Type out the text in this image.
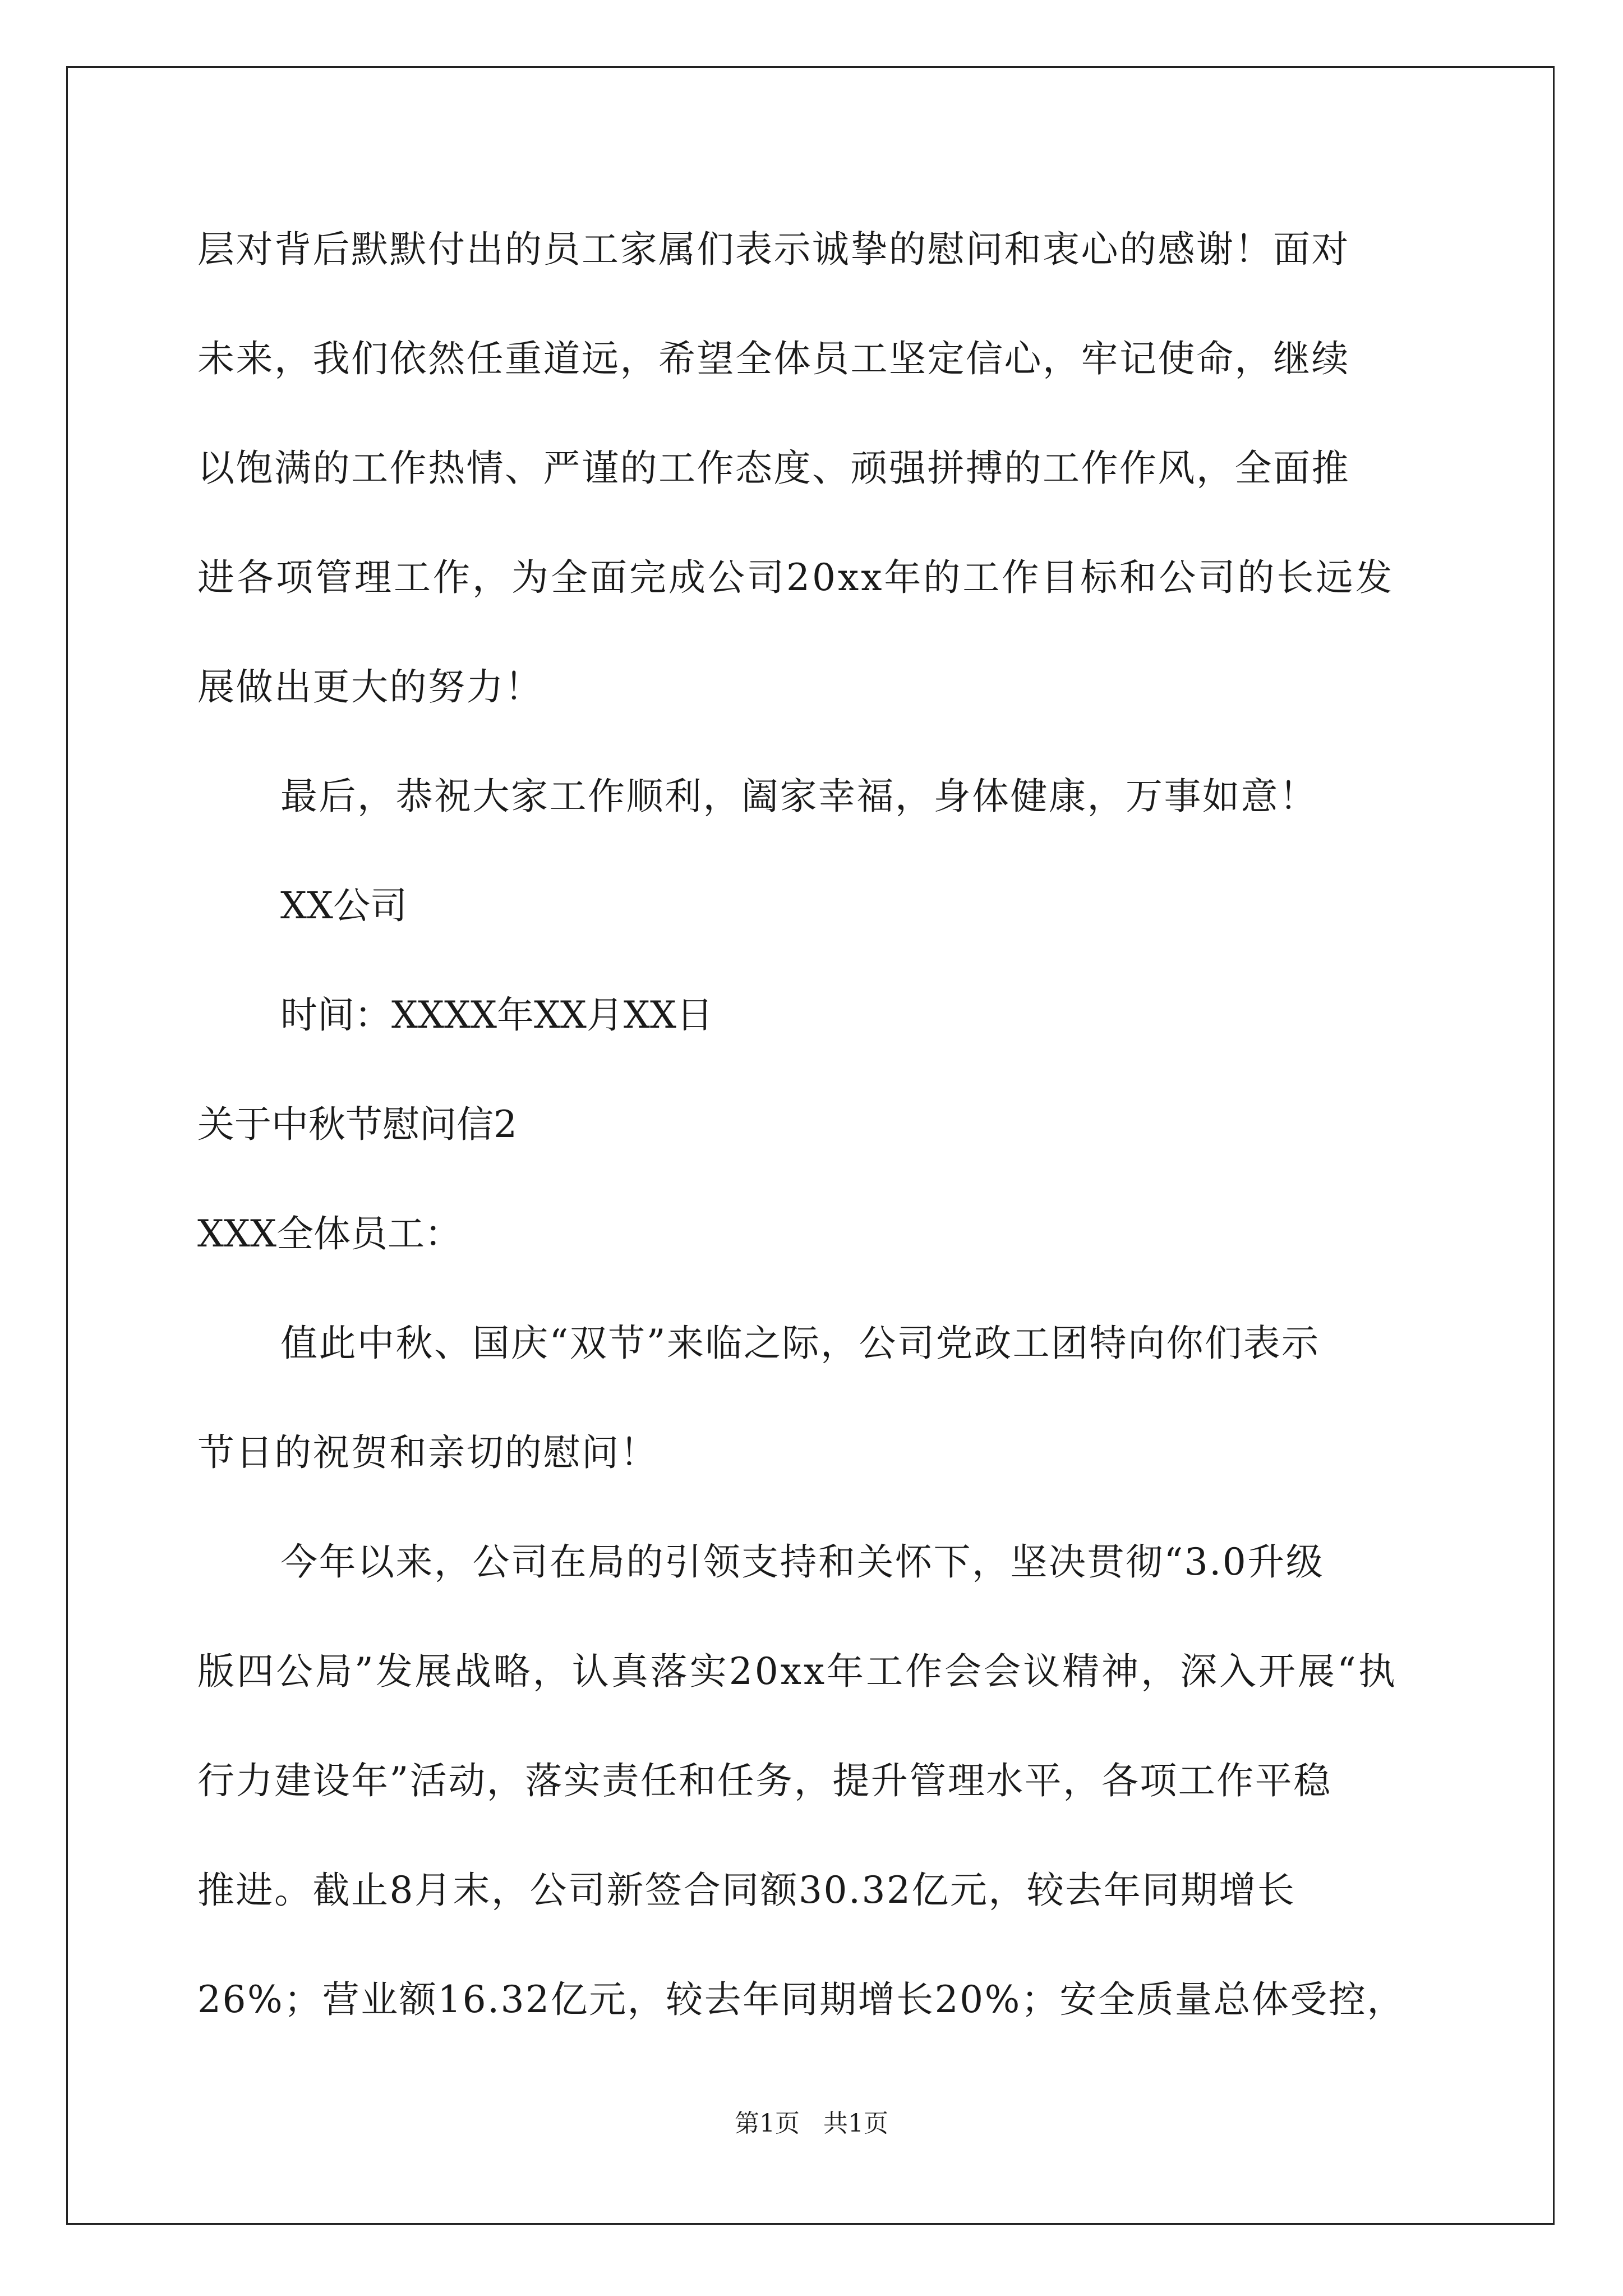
层对背后默默付出的员工家属们表示诚挚的慰问和衷心的感谢！面对
未来，我们依然任重道远，希望全体员工坚定信心，牢记使命，继续
以饱满的工作热情、严谨的工作态度、顽强拼搏的工作作风，全面推
进各项管理工作，为全面完成公司20xx年的工作目标和公司的长远发
展做出更大的努力！
最后，恭祝大家工作顺利，阖家幸福，身体健康，万事如意！
XX公司
时间：XXXX年XX月XX日
关于中秋节慰问信2
XXX全体员工：
值此中秋、国庆“双节”来临之际，公司党政工团特向你们表示
节日的祝贺和亲切的慰问！
今年以来，公司在局的引领支持和关怀下，坚决贯彻“3.0升级
版四公局”发展战略，认真落实20xx年工作会会议精神，深入开展“执
行力建设年”活动，落实责任和任务，提升管理水平，各项工作平稳
推进。截止8月末，公司新签合同额30.32亿元，较去年同期增长
26%；营业额16.32亿元，较去年同期增长20%；安全质量总体受控，
第1页   共1页
